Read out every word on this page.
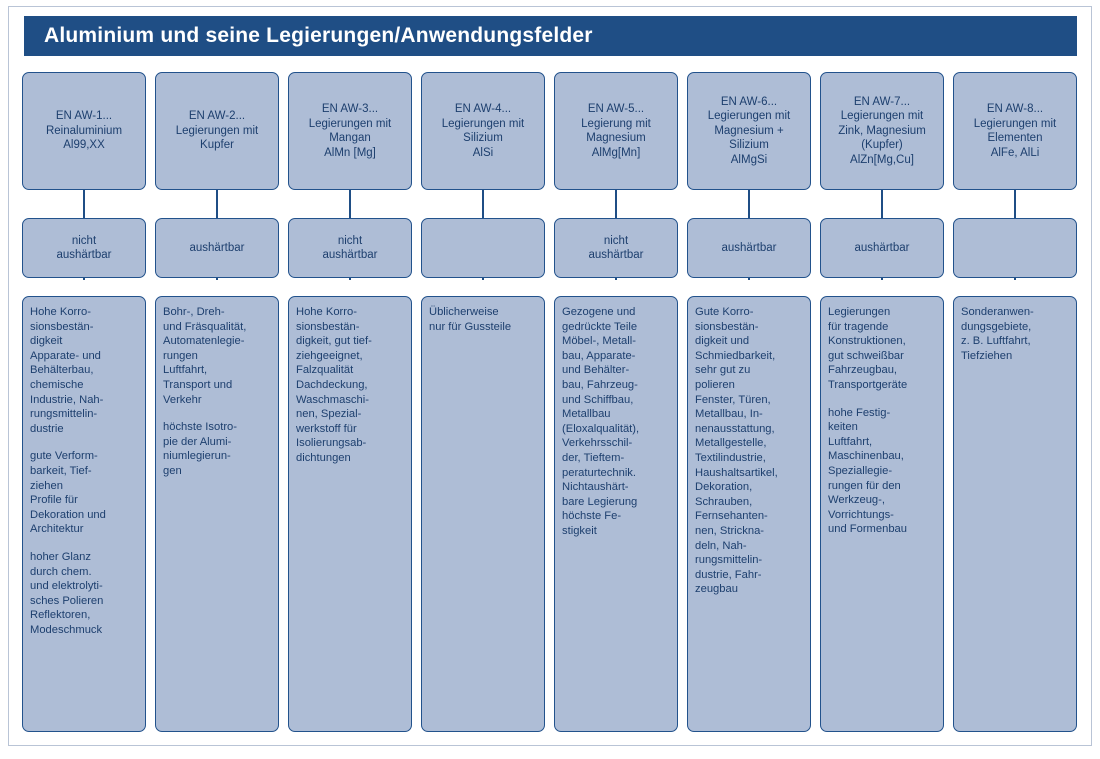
Aluminium und seine Legierungen/Anwendungsfelder
EN AW-1...
Reinaluminium
Al99,XX
nicht
aushärtbar

Hohe Korro-
sionsbestän-
digkeit
Apparate- und
Behälterbau,
chemische
Industrie, Nah-
rungsmittelin-
dustrie

gute Verform-
barkeit, Tief-
ziehen
Profile für
Dekoration und
Architektur

hoher Glanz
durch chem.
und elektrolyti-
sches Polieren
Reflektoren,
Modeschmuck

EN AW-2...
Legierungen mit
Kupfer
aushärtbar

Bohr-, Dreh-
und Fräsqualität,
Automatenlegie-
rungen
Luftfahrt,
Transport und
Verkehr

höchste Isotro-
pie der Alumi-
niumlegierun-
gen

EN AW-3...
Legierungen mit
Mangan
AlMn [Mg]
nicht
aushärtbar

Hohe Korro-
sionsbestän-
digkeit, gut tief-
ziehgeeignet,
Falzqualität
Dachdeckung,
Waschmaschi-
nen, Spezial-
werkstoff für
Isolierungsab-
dichtungen

EN AW-4...
Legierungen mit
Silizium
AlSi

Üblicherweise
nur für Gussteile

EN AW-5...
Legierung mit
Magnesium
AlMg[Mn]
nicht
aushärtbar

Gezogene und
gedrückte Teile
Möbel-, Metall-
bau, Apparate-
und Behälter-
bau, Fahrzeug-
und Schiffbau,
Metallbau
(Eloxalqualität),
Verkehrsschil-
der, Tieftem-
peraturtechnik.
Nichtaushärt-
bare Legierung
höchste Fe-
stigkeit

EN AW-6...
Legierungen mit
Magnesium +
Silizium
AlMgSi
aushärtbar

Gute Korro-
sionsbestän-
digkeit und
Schmiedbarkeit,
sehr gut zu
polieren
Fenster, Türen,
Metallbau, In-
nenausstattung,
Metallgestelle,
Textilindustrie,
Haushaltsartikel,
Dekoration,
Schrauben,
Fernsehanten-
nen, Strickna-
deln, Nah-
rungsmittelin-
dustrie, Fahr-
zeugbau

EN AW-7...
Legierungen mit
Zink, Magnesium
(Kupfer)
AlZn[Mg,Cu]
aushärtbar

Legierungen
für tragende
Konstruktionen,
gut schweißbar
Fahrzeugbau,
Transportgeräte

hohe Festig-
keiten
Luftfahrt,
Maschinenbau,
Speziallegie-
rungen für den
Werkzeug-,
Vorrichtungs-
und Formenbau

EN AW-8...
Legierungen mit
Elementen
AlFe, AlLi

Sonderanwen-
dungsgebiete,
z. B. Luftfahrt,
Tiefziehen
